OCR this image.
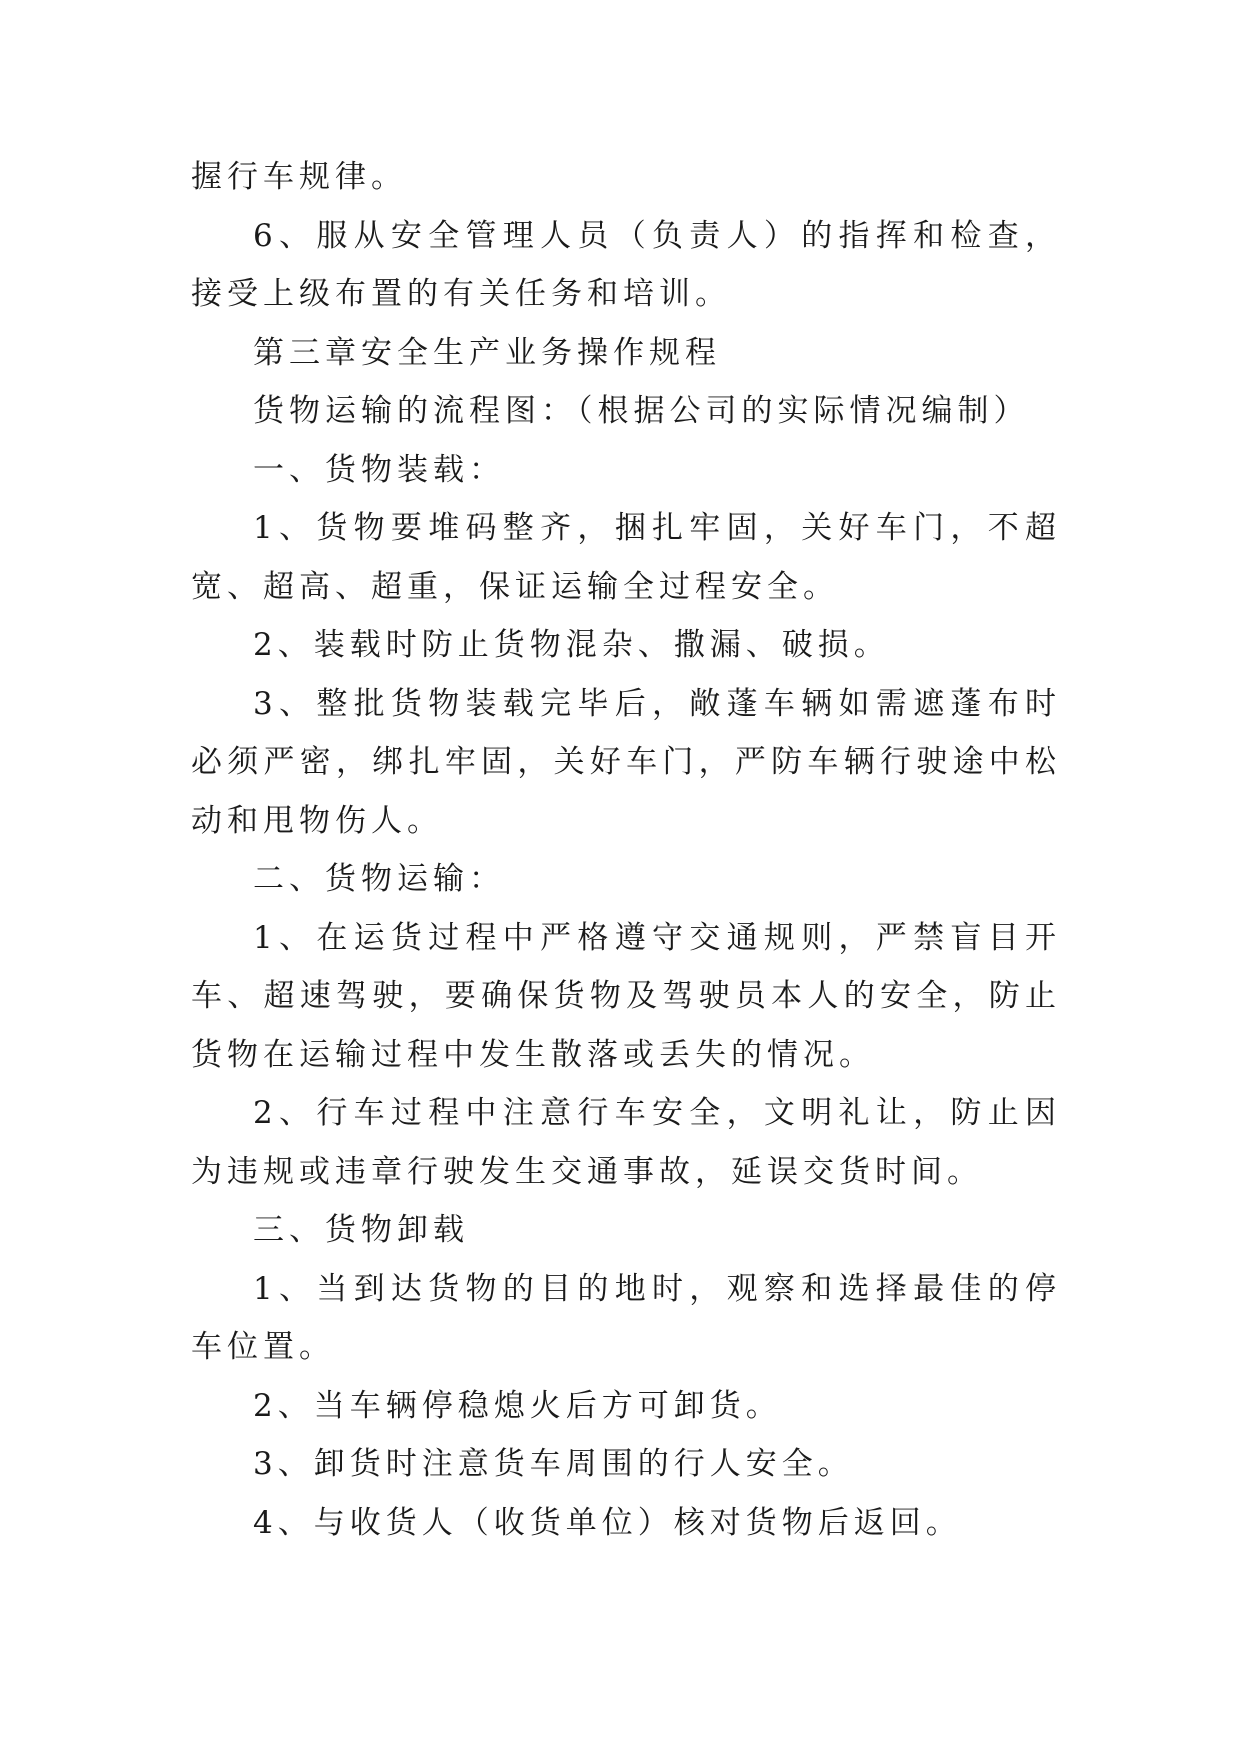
握行车规律。

6、服从安全管理人员（负责人）的指挥和检查，接受上级布置的有关任务和培训。

第三章安全生产业务操作规程

货物运输的流程图：（根据公司的实际情况编制）

一、货物装载：

1、货物要堆码整齐，捆扎牢固，关好车门，不超宽、超高、超重，保证运输全过程安全。

2、装载时防止货物混杂、撒漏、破损。

3、整批货物装载完毕后，敞蓬车辆如需遮蓬布时必须严密，绑扎牢固，关好车门，严防车辆行驶途中松动和甩物伤人。

二、货物运输：

1、在运货过程中严格遵守交通规则，严禁盲目开车、超速驾驶，要确保货物及驾驶员本人的安全，防止货物在运输过程中发生散落或丢失的情况。

2、行车过程中注意行车安全，文明礼让，防止因为违规或违章行驶发生交通事故，延误交货时间。

三、货物卸载

1、当到达货物的目的地时，观察和选择最佳的停车位置。

2、当车辆停稳熄火后方可卸货。

3、卸货时注意货车周围的行人安全。

4、与收货人（收货单位）核对货物后返回。
